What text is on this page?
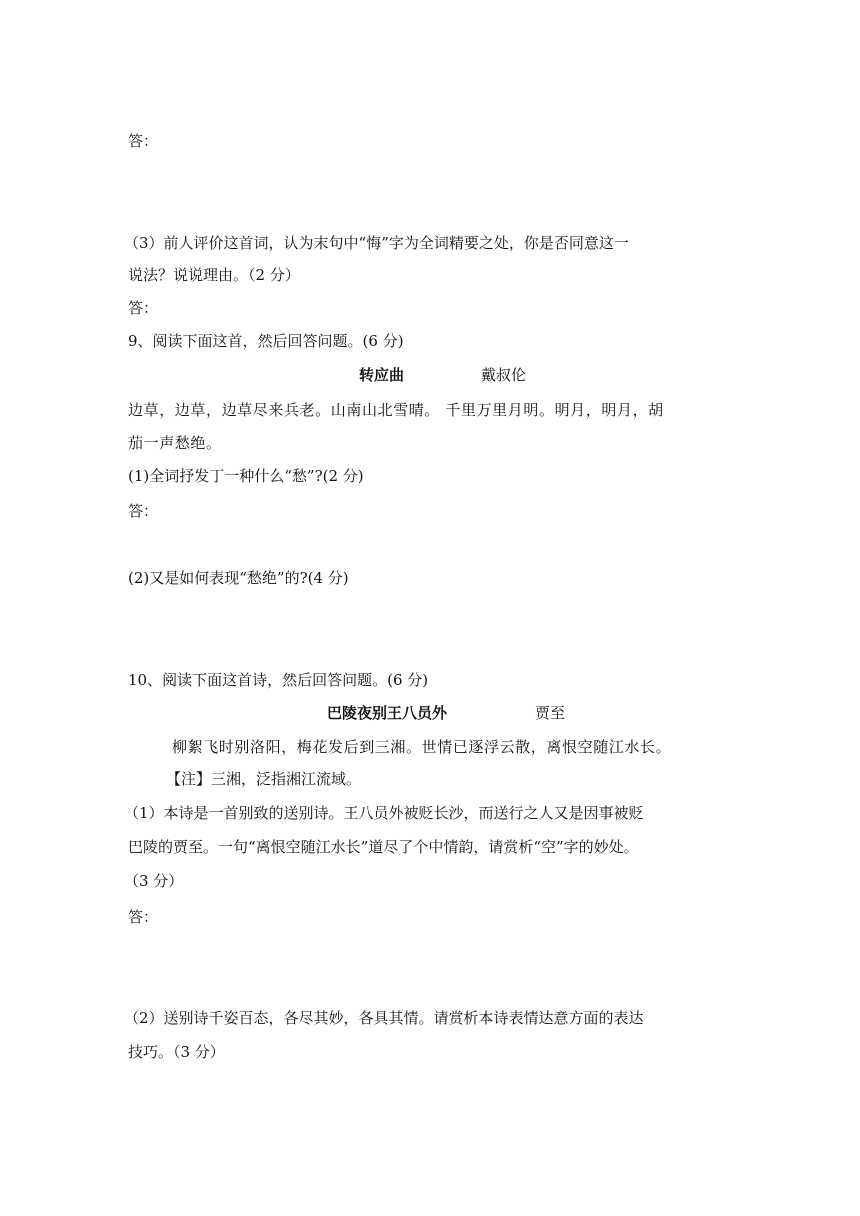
答：
（3）前人评价这首词，认为末句中“悔”字为全词精要之处，你是否同意这一
说法？说说理由。（2 分）
答：
9、阅读下面这首，然后回答问题。(6 分)
转应曲	戴叔伦
边草，边草，边草尽来兵老。山南山北雪晴。 千里万里月明。明月，明月，胡
茄一声愁绝。
(1)全词抒发丁一种什么“愁”?(2 分)
答：
(2)又是如何表现“愁绝”的?(4 分)
10、阅读下面这首诗，然后回答问题。(6 分)
巴陵夜别王八员外	贾至
柳絮飞时别洛阳，梅花发后到三湘。世情已逐浮云散，离恨空随江水长。
【注】三湘，泛指湘江流域。
（1）本诗是一首别致的送别诗。王八员外被贬长沙，而送行之人又是因事被贬
巴陵的贾至。一句“离恨空随江水长”道尽了个中情韵，请赏析“空”字的妙处。
（3 分）
答：
（2）送别诗千姿百态，各尽其妙，各具其情。请赏析本诗表情达意方面的表达
技巧。（3 分）
